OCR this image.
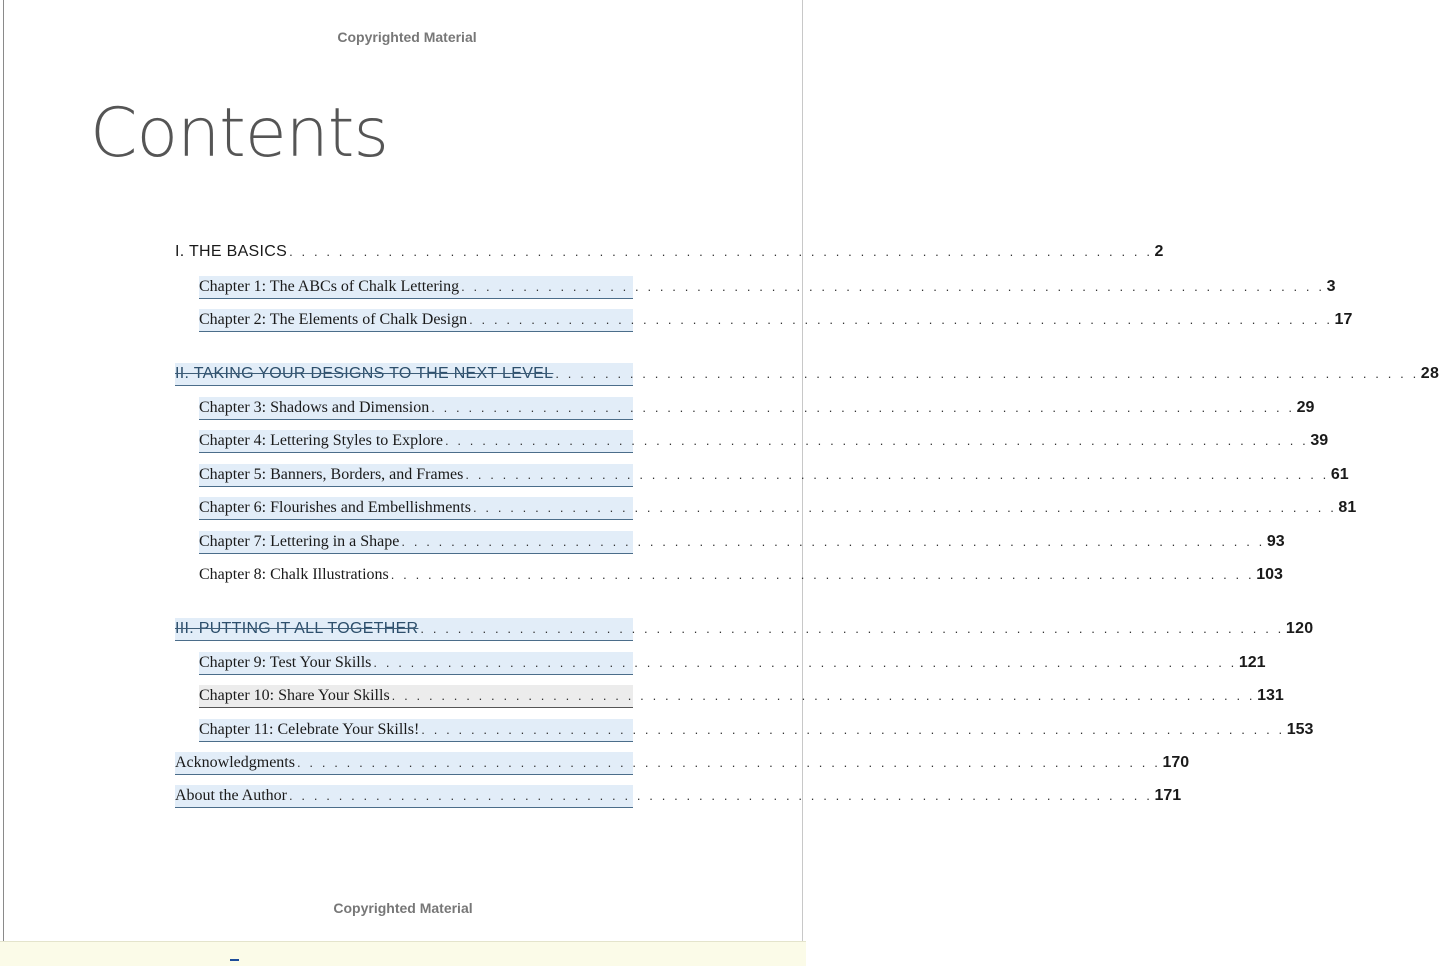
Copyrighted Material
Contents
I. THE BASICS . . . . . . . . . . . . . . . . . . . . . . . . . . . . . . . . . . . . . . . . . . . . . . . . . . . . . . . . . . . . . . . . . . . . . . 2
Chapter 1: The ABCs of Chalk Lettering . . . . . . . . . . . . . . . . . . . . . . . . . . . . . . . . . . . . . . . . . . . . . . . . . . . . . . . . . . . . . . . . . . . . . . 3
Chapter 2: The Elements of Chalk Design . . . . . . . . . . . . . . . . . . . . . . . . . . . . . . . . . . . . . . . . . . . . . . . . . . . . . . . . . . . . . . . . . . . . . . 17
II. TAKING YOUR DESIGNS TO THE NEXT LEVEL . . . . . . . . . . . . . . . . . . . . . . . . . . . . . . . . . . . . . . . . . . . . . . . . . . . . . . . . . . . . . . . . . . . . . . 28
Chapter 3: Shadows and Dimension . . . . . . . . . . . . . . . . . . . . . . . . . . . . . . . . . . . . . . . . . . . . . . . . . . . . . . . . . . . . . . . . . . . . . . 29
Chapter 4: Lettering Styles to Explore . . . . . . . . . . . . . . . . . . . . . . . . . . . . . . . . . . . . . . . . . . . . . . . . . . . . . . . . . . . . . . . . . . . . . . 39
Chapter 5: Banners, Borders, and Frames . . . . . . . . . . . . . . . . . . . . . . . . . . . . . . . . . . . . . . . . . . . . . . . . . . . . . . . . . . . . . . . . . . . . . . 61
Chapter 6: Flourishes and Embellishments . . . . . . . . . . . . . . . . . . . . . . . . . . . . . . . . . . . . . . . . . . . . . . . . . . . . . . . . . . . . . . . . . . . . . . 81
Chapter 7: Lettering in a Shape . . . . . . . . . . . . . . . . . . . . . . . . . . . . . . . . . . . . . . . . . . . . . . . . . . . . . . . . . . . . . . . . . . . . . . 93
Chapter 8: Chalk Illustrations . . . . . . . . . . . . . . . . . . . . . . . . . . . . . . . . . . . . . . . . . . . . . . . . . . . . . . . . . . . . . . . . . . . . . . 103
III. PUTTING IT ALL TOGETHER . . . . . . . . . . . . . . . . . . . . . . . . . . . . . . . . . . . . . . . . . . . . . . . . . . . . . . . . . . . . . . . . . . . . . . 120
Chapter 9: Test Your Skills . . . . . . . . . . . . . . . . . . . . . . . . . . . . . . . . . . . . . . . . . . . . . . . . . . . . . . . . . . . . . . . . . . . . . . 121
Chapter 10: Share Your Skills . . . . . . . . . . . . . . . . . . . . . . . . . . . . . . . . . . . . . . . . . . . . . . . . . . . . . . . . . . . . . . . . . . . . . . 131
Chapter 11: Celebrate Your Skills! . . . . . . . . . . . . . . . . . . . . . . . . . . . . . . . . . . . . . . . . . . . . . . . . . . . . . . . . . . . . . . . . . . . . . . 153
Acknowledgments . . . . . . . . . . . . . . . . . . . . . . . . . . . . . . . . . . . . . . . . . . . . . . . . . . . . . . . . . . . . . . . . . . . . . . 170
About the Author . . . . . . . . . . . . . . . . . . . . . . . . . . . . . . . . . . . . . . . . . . . . . . . . . . . . . . . . . . . . . . . . . . . . . . 171
Copyrighted Material
